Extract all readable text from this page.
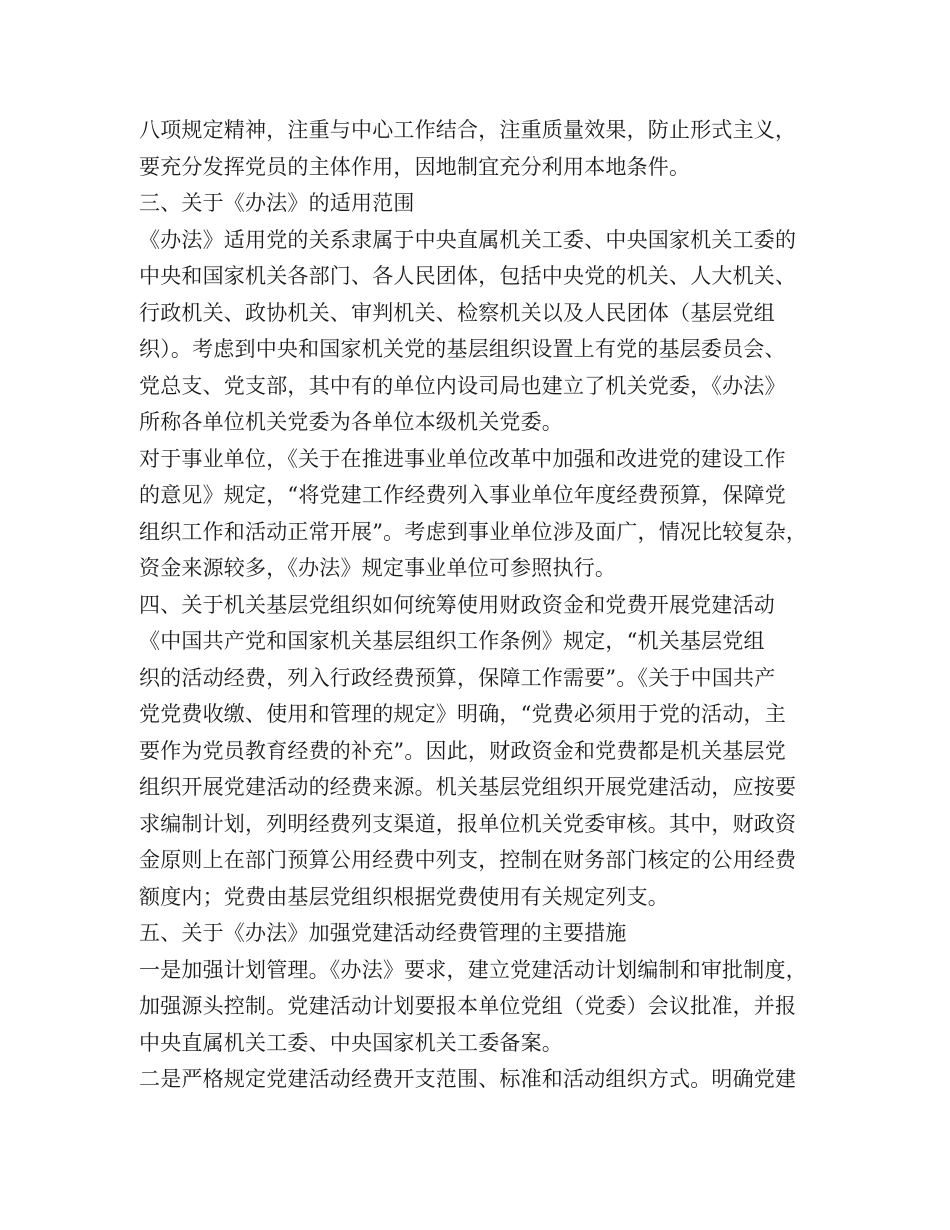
八项规定精神，注重与中心工作结合，注重质量效果，防止形式主义，
要充分发挥党员的主体作用，因地制宜充分利用本地条件。
三、关于《办法》的适用范围
《办法》适用党的关系隶属于中央直属机关工委、中央国家机关工委的
中央和国家机关各部门、各人民团体，包括中央党的机关、人大机关、
行政机关、政协机关、审判机关、检察机关以及人民团体（基层党组
织）。考虑到中央和国家机关党的基层组织设置上有党的基层委员会、
党总支、党支部，其中有的单位内设司局也建立了机关党委，《办法》
所称各单位机关党委为各单位本级机关党委。
对于事业单位，《关于在推进事业单位改革中加强和改进党的建设工作
的意见》规定，“将党建工作经费列入事业单位年度经费预算，保障党
组织工作和活动正常开展”。考虑到事业单位涉及面广，情况比较复杂，
资金来源较多，《办法》规定事业单位可参照执行。
四、关于机关基层党组织如何统筹使用财政资金和党费开展党建活动
《中国共产党和国家机关基层组织工作条例》规定，“机关基层党组
织的活动经费，列入行政经费预算，保障工作需要”。《关于中国共产
党党费收缴、使用和管理的规定》明确，“党费必须用于党的活动，主
要作为党员教育经费的补充”。因此，财政资金和党费都是机关基层党
组织开展党建活动的经费来源。机关基层党组织开展党建活动，应按要
求编制计划，列明经费列支渠道，报单位机关党委审核。其中，财政资
金原则上在部门预算公用经费中列支，控制在财务部门核定的公用经费
额度内；党费由基层党组织根据党费使用有关规定列支。
五、关于《办法》加强党建活动经费管理的主要措施
一是加强计划管理。《办法》要求，建立党建活动计划编制和审批制度，
加强源头控制。党建活动计划要报本单位党组（党委）会议批准，并报
中央直属机关工委、中央国家机关工委备案。
二是严格规定党建活动经费开支范围、标准和活动组织方式。明确党建
